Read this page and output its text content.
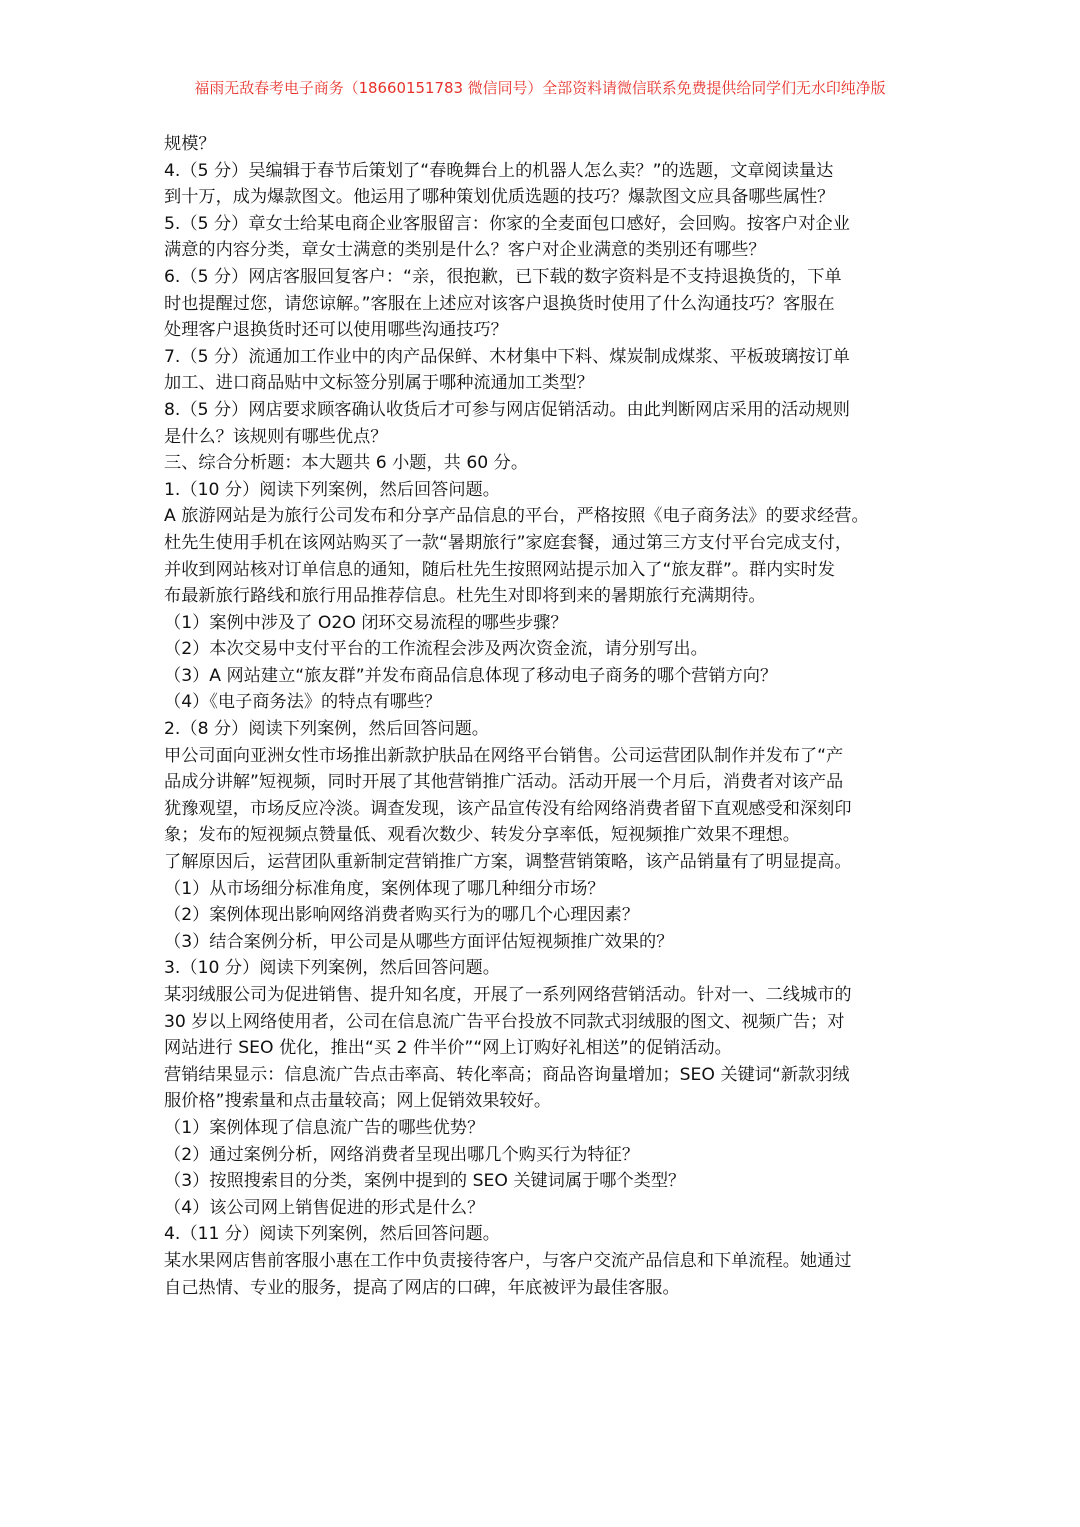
福雨无敌春考电子商务（18660151783 微信同号）全部资料请微信联系免费提供给同学们无水印纯净版
规模？
4.（5 分）吴编辑于春节后策划了“春晚舞台上的机器人怎么卖？”的选题，文章阅读量达
到十万，成为爆款图文。他运用了哪种策划优质选题的技巧？爆款图文应具备哪些属性？
5.（5 分）章女士给某电商企业客服留言：你家的全麦面包口感好，会回购。按客户对企业
满意的内容分类，章女士满意的类别是什么？客户对企业满意的类别还有哪些？
6.（5 分）网店客服回复客户：“亲，很抱歉，已下载的数字资料是不支持退换货的，下单
时也提醒过您，请您谅解。”客服在上述应对该客户退换货时使用了什么沟通技巧？客服在
处理客户退换货时还可以使用哪些沟通技巧？
7.（5 分）流通加工作业中的肉产品保鲜、木材集中下料、煤炭制成煤浆、平板玻璃按订单
加工、进口商品贴中文标签分别属于哪种流通加工类型？
8.（5 分）网店要求顾客确认收货后才可参与网店促销活动。由此判断网店采用的活动规则
是什么？该规则有哪些优点？
三、综合分析题：本大题共 6 小题，共 60 分。
1.（10 分）阅读下列案例，然后回答问题。
A 旅游网站是为旅行公司发布和分享产品信息的平台，严格按照《电子商务法》的要求经营。
杜先生使用手机在该网站购买了一款“暑期旅行”家庭套餐，通过第三方支付平台完成支付，
并收到网站核对订单信息的通知，随后杜先生按照网站提示加入了“旅友群”。群内实时发
布最新旅行路线和旅行用品推荐信息。杜先生对即将到来的暑期旅行充满期待。
（1）案例中涉及了 O2O 闭环交易流程的哪些步骤？
（2）本次交易中支付平台的工作流程会涉及两次资金流，请分别写出。
（3）A 网站建立“旅友群”并发布商品信息体现了移动电子商务的哪个营销方向？
（4）《电子商务法》的特点有哪些？
2.（8 分）阅读下列案例，然后回答问题。
甲公司面向亚洲女性市场推出新款护肤品在网络平台销售。公司运营团队制作并发布了“产
品成分讲解”短视频，同时开展了其他营销推广活动。活动开展一个月后，消费者对该产品
犹豫观望，市场反应冷淡。调查发现，该产品宣传没有给网络消费者留下直观感受和深刻印
象；发布的短视频点赞量低、观看次数少、转发分享率低，短视频推广效果不理想。
了解原因后，运营团队重新制定营销推广方案，调整营销策略，该产品销量有了明显提高。
（1）从市场细分标准角度，案例体现了哪几种细分市场？
（2）案例体现出影响网络消费者购买行为的哪几个心理因素？
（3）结合案例分析，甲公司是从哪些方面评估短视频推广效果的？
3.（10 分）阅读下列案例，然后回答问题。
某羽绒服公司为促进销售、提升知名度，开展了一系列网络营销活动。针对一、二线城市的
30 岁以上网络使用者，公司在信息流广告平台投放不同款式羽绒服的图文、视频广告；对
网站进行 SEO 优化，推出“买 2 件半价”“网上订购好礼相送”的促销活动。
营销结果显示：信息流广告点击率高、转化率高；商品咨询量增加；SEO 关键词“新款羽绒
服价格”搜索量和点击量较高；网上促销效果较好。
（1）案例体现了信息流广告的哪些优势？
（2）通过案例分析，网络消费者呈现出哪几个购买行为特征？
（3）按照搜索目的分类，案例中提到的 SEO 关键词属于哪个类型？
（4）该公司网上销售促进的形式是什么？
4.（11 分）阅读下列案例，然后回答问题。
某水果网店售前客服小惠在工作中负责接待客户，与客户交流产品信息和下单流程。她通过
自己热情、专业的服务，提高了网店的口碑，年底被评为最佳客服。
